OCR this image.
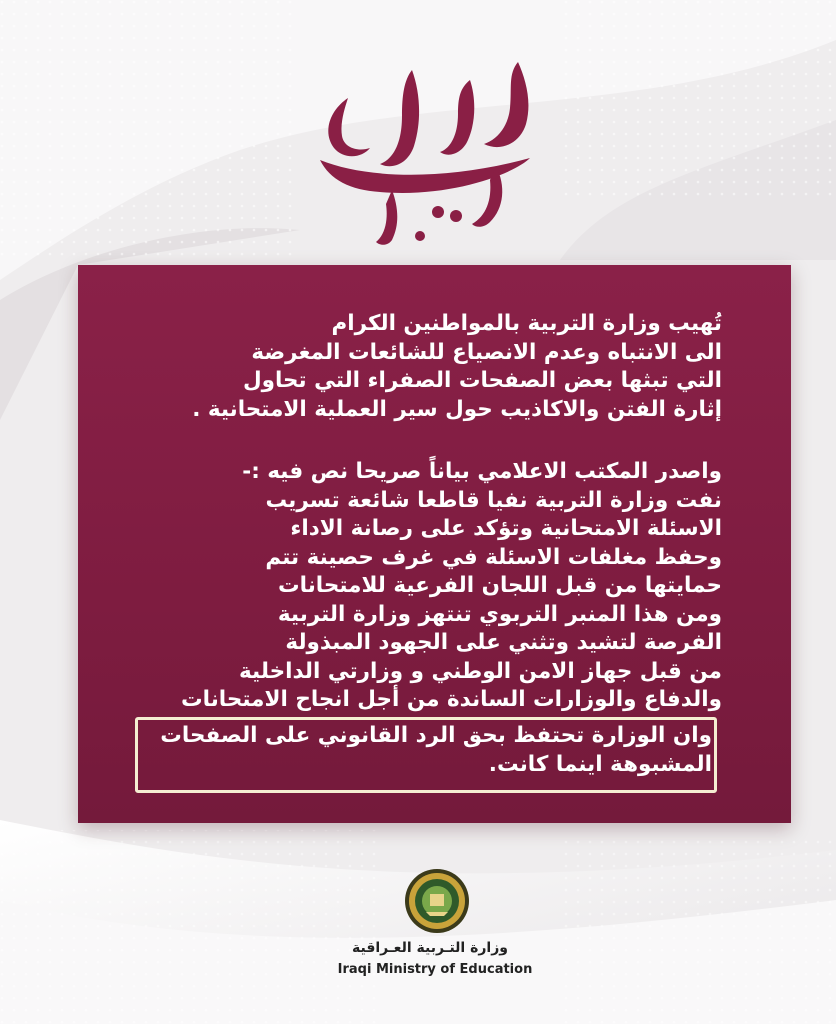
تُهيب وزارة التربية بالمواطنين الكرام
الى الانتباه وعدم الانصياع للشائعات المغرضة
التي تبثها بعض الصفحات الصفراء التي تحاول
إثارة الفتن والاكاذيب حول سير العملية الامتحانية .
واصدر المكتب الاعلامي بياناً صريحا نص فيه :-
نفت وزارة التربية نفيا قاطعا شائعة تسريب
الاسئلة الامتحانية وتؤكد على رصانة الاداء
وحفظ مغلفات الاسئلة في غرف حصينة تتم
حمايتها من قبل اللجان الفرعية للامتحانات
ومن هذا المنبر التربوي تنتهز وزارة التربية
الفرصة لتشيد وتثني على الجهود المبذولة
من قبل جهاز الامن الوطني و وزارتي الداخلية
والدفاع والوزارات الساندة من أجل انجاح الامتحانات
وان الوزارة تحتفظ بحق الرد القانوني على الصفحات
المشبوهة اينما كانت.
وزارة التـربية العـراقية
Iraqi Ministry of Education
